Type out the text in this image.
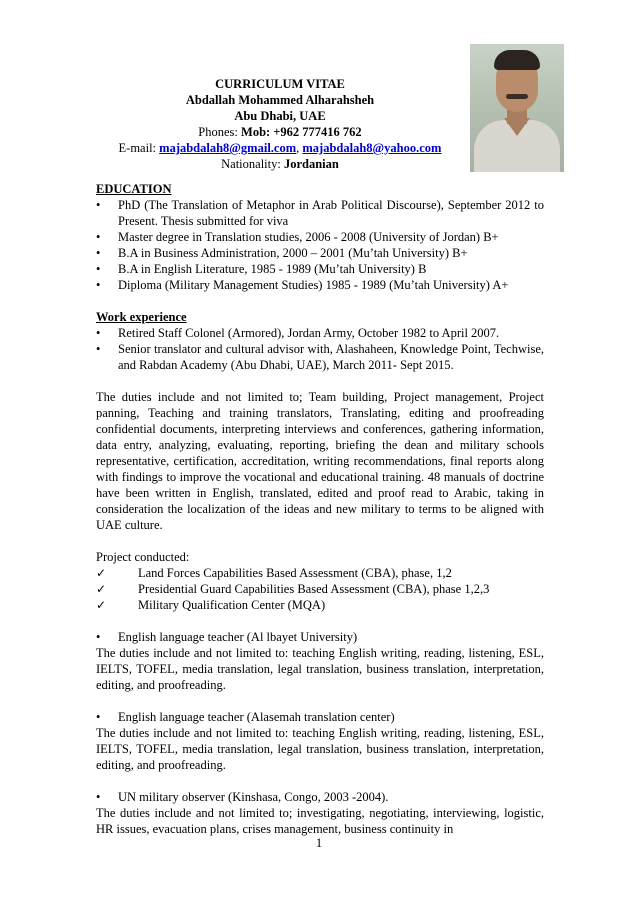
CURRICULUM VITAE
Abdallah Mohammed Alharahsheh
Abu Dhabi, UAE
Phones: Mob: +962 777416 762
E-mail: majabdalah8@gmail.com, majabdalah8@yahoo.com
Nationality: Jordanian
EDUCATION
• PhD (The Translation of Metaphor in Arab Political Discourse), September 2012 to Present. Thesis submitted for viva
• Master degree in Translation studies, 2006 - 2008 (University of Jordan) B+
• B.A in Business Administration, 2000 – 2001 (Mu’tah University) B+
• B.A in English Literature, 1985 - 1989 (Mu’tah University) B
• Diploma (Military Management Studies) 1985 - 1989 (Mu’tah University) A+
Work experience
• Retired Staff Colonel (Armored), Jordan Army, October 1982 to April 2007.
• Senior translator and cultural advisor with, Alashaheen, Knowledge Point, Techwise, and Rabdan Academy (Abu Dhabi, UAE), March 2011- Sept 2015.

The duties include and not limited to; Team building, Project management, Project panning, Teaching and training translators, Translating, editing and proofreading confidential documents, interpreting interviews and conferences, gathering information, data entry, analyzing, evaluating, reporting, briefing the dean and military schools representative, certification, accreditation, writing recommendations, final reports along with findings to improve the vocational and educational training. 48 manuals of doctrine have been written in English, translated, edited and proof read to Arabic, taking in consideration the localization of the ideas and new military to terms to be aligned with UAE culture.

Project conducted:
✓	Land Forces Capabilities Based Assessment (CBA), phase, 1,2
✓	Presidential Guard Capabilities Based Assessment (CBA), phase 1,2,3
✓	Military Qualification Center (MQA)
• English language teacher (Al lbayet University)

The duties include and not limited to: teaching English writing, reading, listening, ESL, IELTS, TOFEL, media translation, legal translation, business translation, interpretation, editing, and proofreading.

• English language teacher (Alasemah translation center)

The duties include and not limited to: teaching English writing, reading, listening, ESL, IELTS, TOFEL, media translation, legal translation, business translation, interpretation, editing, and proofreading.

• UN military observer (Kinshasa, Congo, 2003 -2004).

The duties include and not limited to; investigating, negotiating, interviewing, logistic, HR issues, evacuation plans, crises management, business continuity in

1
